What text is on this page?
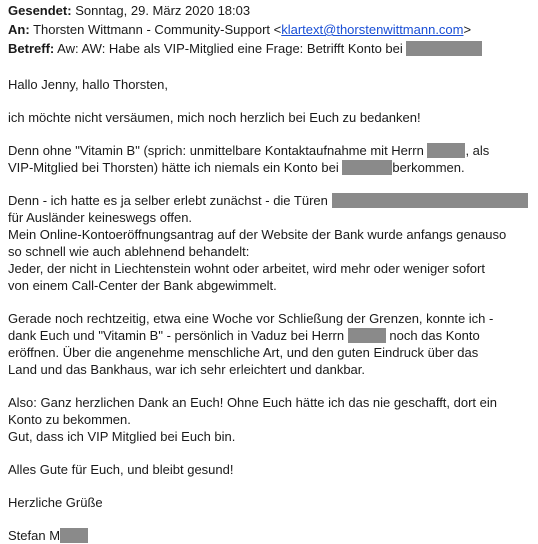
Gesendet: Sonntag, 29. März 2020 18:03
An: Thorsten Wittmann - Community-Support <klartext@thorstenwittmann.com>
Betreff: Aw: AW: Habe als VIP-Mitglied eine Frage: Betrifft Konto bei

Hallo Jenny, hallo Thorsten,

ich möchte nicht versäumen, mich noch herzlich bei Euch zu bedanken!

Denn ohne "Vitamin B" (sprich: unmittelbare Kontaktaufnahme mit Herrn	, als
VIP-Mitglied bei Thorsten) hätte ich niemals ein Konto bei	berkommen.

Denn - ich hatte es ja selber erlebt zunächst - die Türen
für Ausländer keineswegs offen.
Mein Online-Kontoeröffnungsantrag auf der Website der Bank wurde anfangs genauso
so schnell wie auch ablehnend behandelt:
Jeder, der nicht in Liechtenstein wohnt oder arbeitet, wird mehr oder weniger sofort
von einem Call-Center der Bank abgewimmelt.

Gerade noch rechtzeitig, etwa eine Woche vor Schließung der Grenzen, konnte ich -
dank Euch und "Vitamin B" - persönlich in Vaduz bei Herrn	noch das Konto
eröffnen. Über die angenehme menschliche Art, und den guten Eindruck über das
Land und das Bankhaus, war ich sehr erleichtert und dankbar.

Also: Ganz herzlichen Dank an Euch! Ohne Euch hätte ich das nie geschafft, dort ein
Konto zu bekommen.
Gut, dass ich VIP Mitglied bei Euch bin.

Alles Gute für Euch, und bleibt gesund!

Herzliche Grüße

Stefan M
